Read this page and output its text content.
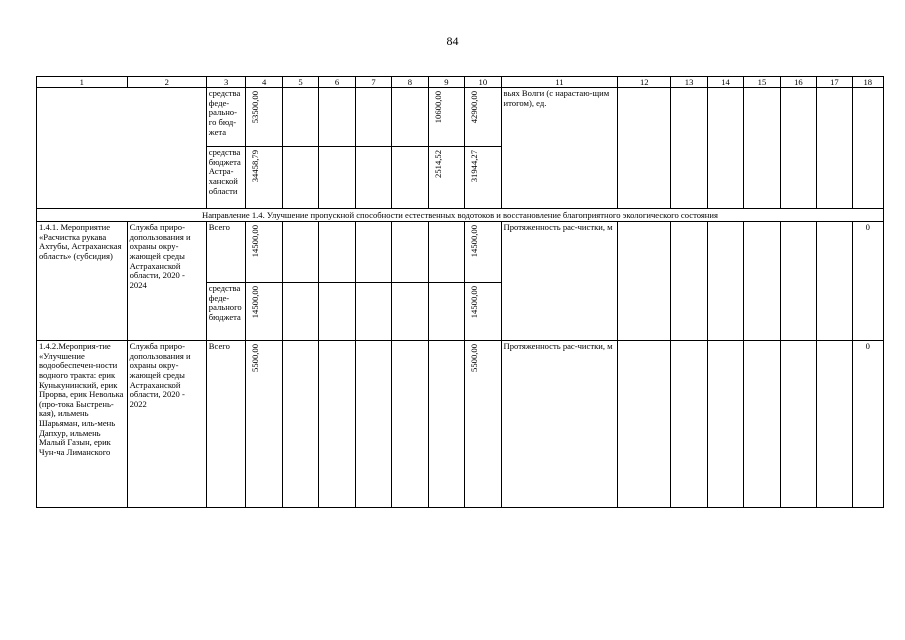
84
1	2	3	4	5	6	7	8	9	10	11	12	13	14	15	16	17	18
		средства феде-рально-го бюд-жета	53500,00					10600,00	42900,00	вьях Волги (с нарастаю-щим итогом), ед.							
		средства бюджета Астра-ханской области	34458,79					2514,52	31944,27								
Направление 1.4. Улучшение пропускной способности естественных водотоков и восстановление благоприятного экологического состояния																	
1.4.1. Мероприятие «Расчистка рукава Ахтубы, Астраханская область» (субсидия)	Служба приро-допользования и охраны окру-жающей среды Астраханской области, 2020 - 2024	Всего	14500,00						14500,00	Протяженность рас-чистки, м							0
		средства феде-рального бюджета	14500,00						14500,00								
1.4.2.Мероприя-тие «Улучшение водообеспечен-ности водного тракта: ерик Кунькунинский, ерик Прорва, ерик Неволька (про-тока Быстрень-кая), ильмень Шарьяман, иль-мень Дапхур, ильмень Малый Газын, ерик Чун-ча Лиманского	Служба приро-допользования и охраны окру-жающей среды Астраханской области, 2020 - 2022	Всего	5500,00						5500,00	Протяженность рас-чистки, м							0
